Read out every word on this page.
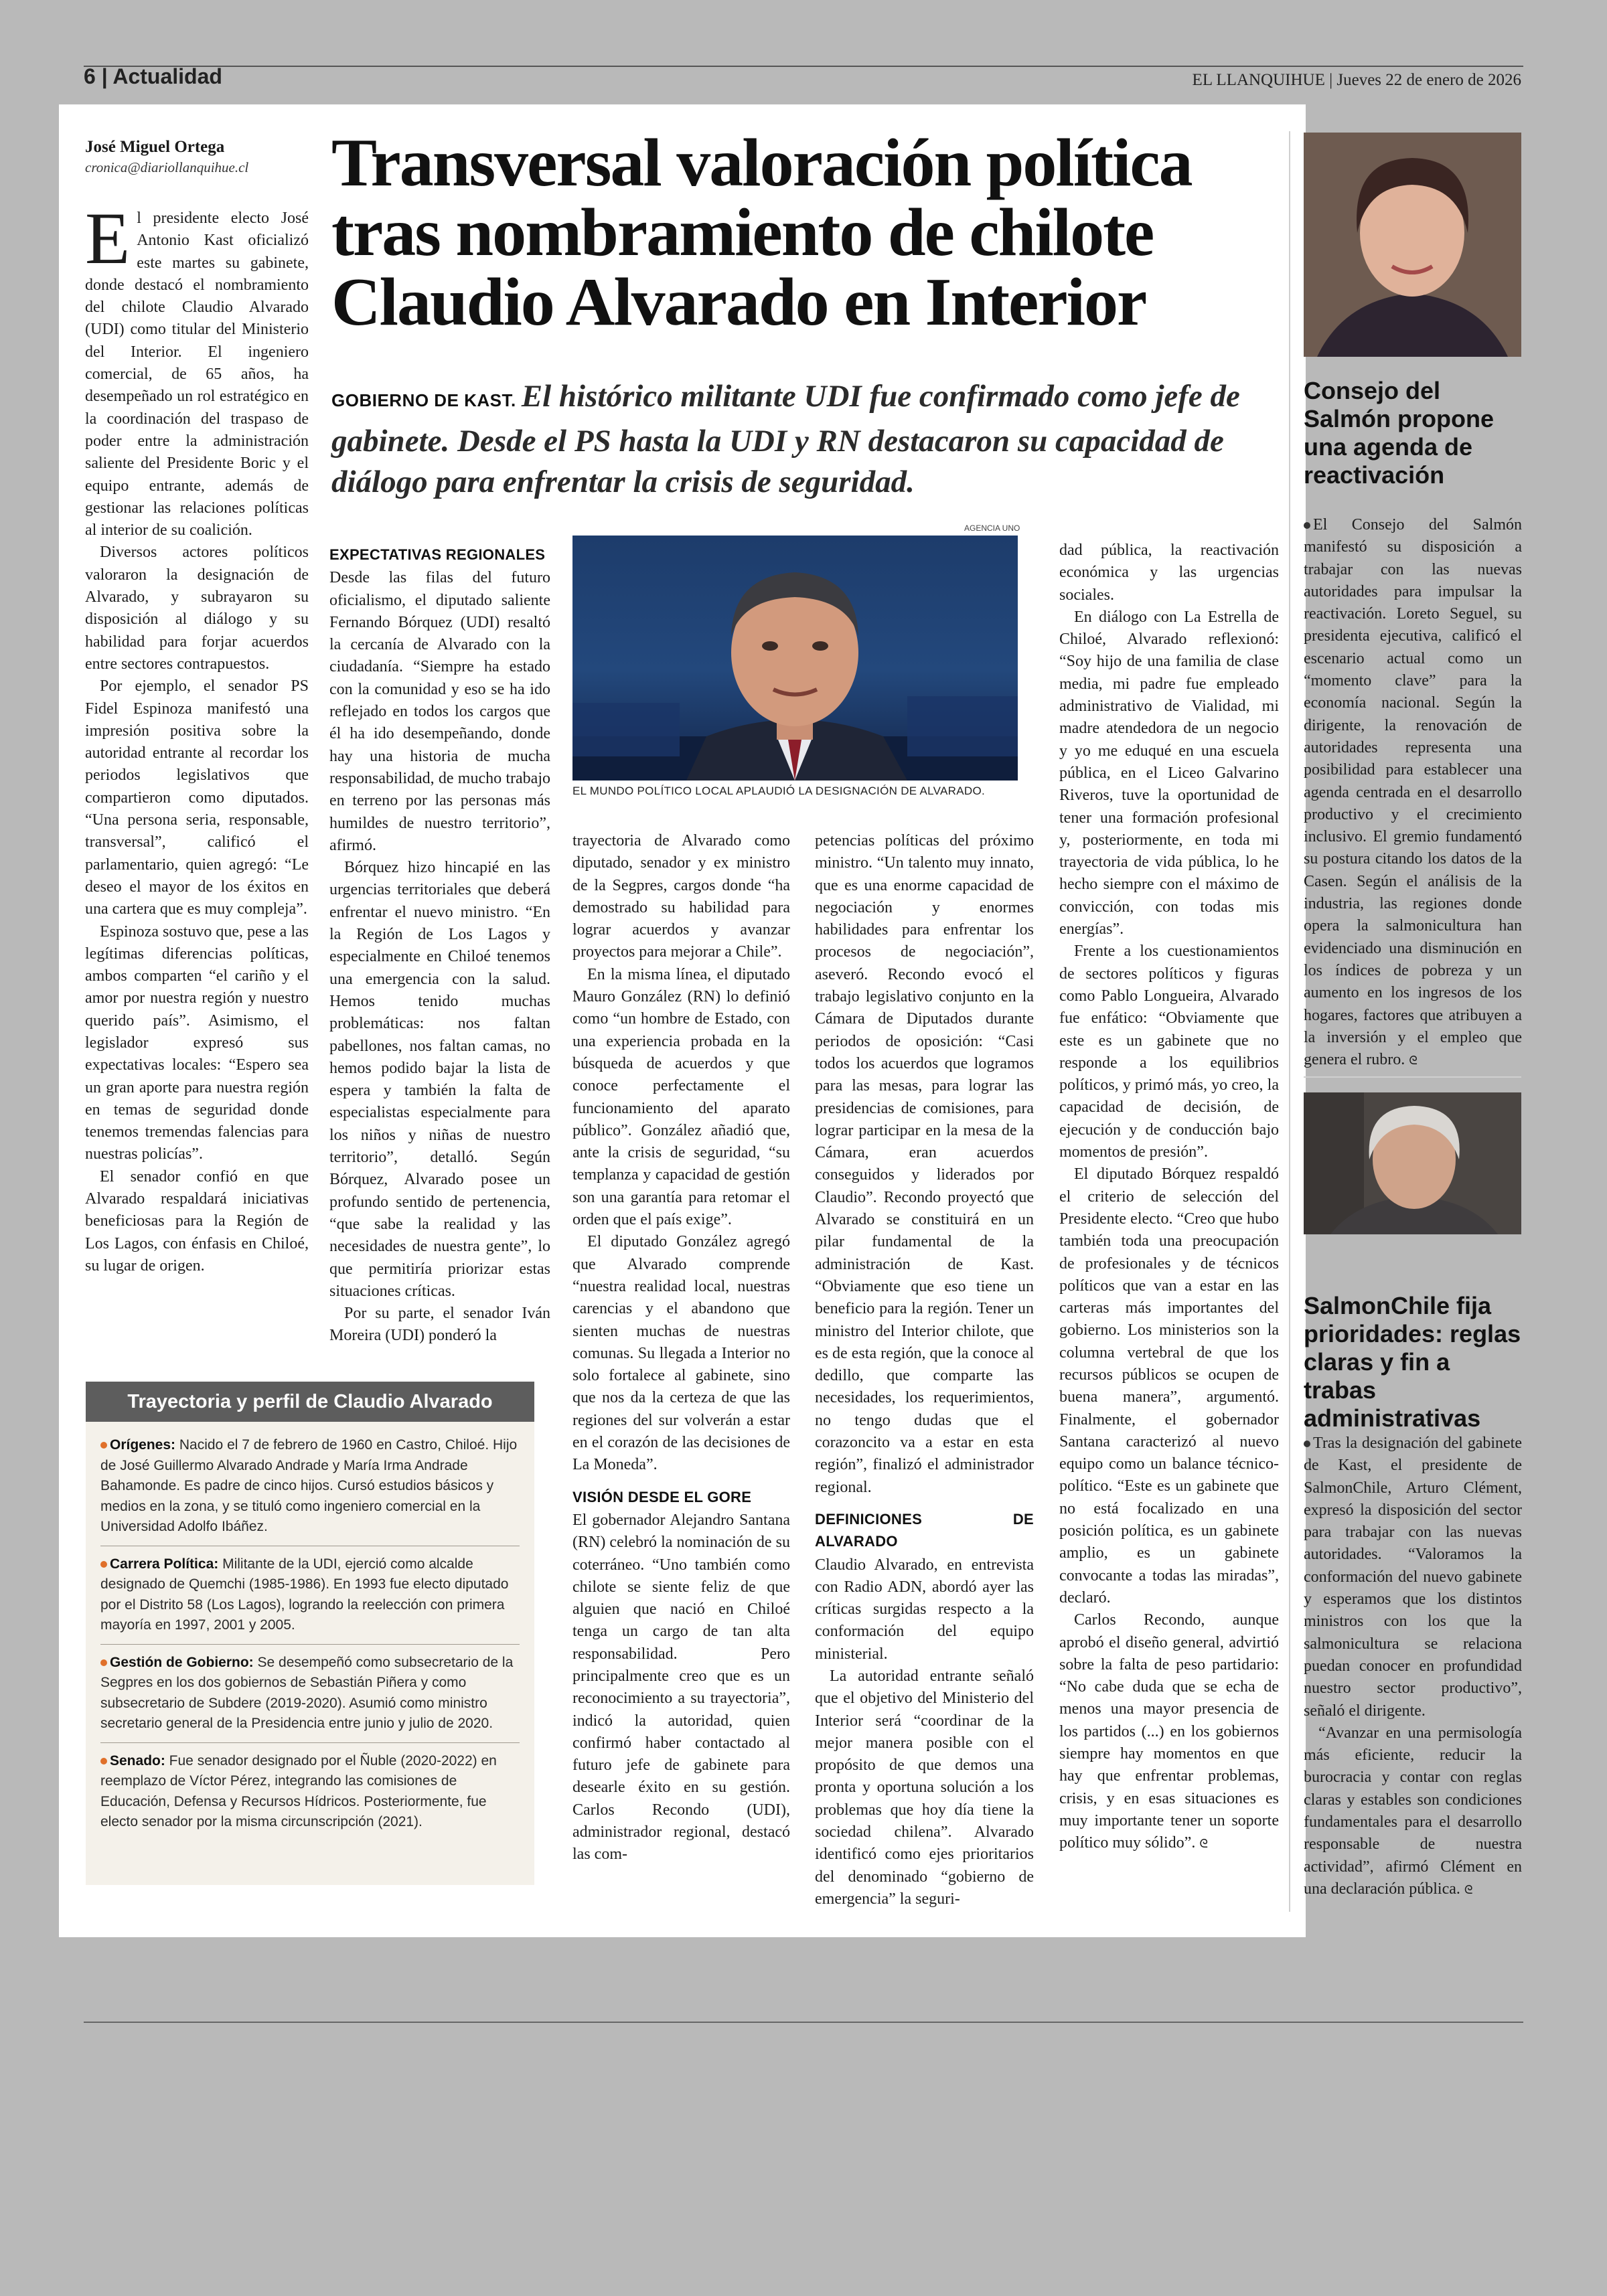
6 | Actualidad	EL LLANQUIHUE | Jueves 22 de enero de 2026
José Miguel Ortega
cronica@diariollanquihue.cl	Transversal valoración política
tras nombramiento de chilote
Claudio Alvarado en Interior
GOBIERNO DE KAST. El histórico militante UDI fue confirmado como jefe de gabinete. Desde el PS hasta la UDI y RN destacaron su capacidad de diálogo para enfrentar la crisis de seguridad.

El presidente electo José Antonio Kast oficializó este martes su gabinete, donde destacó el nombramiento del chilote Claudio Alvarado (UDI) como titular del Ministerio del Interior. El ingeniero comercial, de 65 años, ha desempeñado un rol estratégico en la coordinación del traspaso de poder entre la administración saliente del Presidente Boric y el equipo entrante, además de gestionar las relaciones políticas al interior de su coalición.

Diversos actores políticos valoraron la designación de Alvarado, y subrayaron su disposición al diálogo y su habilidad para forjar acuerdos entre sectores contrapuestos.

Por ejemplo, el senador PS Fidel Espinoza manifestó una impresión positiva sobre la autoridad entrante al recordar los periodos legislativos que compartieron como diputados. “Una persona seria, responsable, transversal”, calificó el parlamentario, quien agregó: “Le deseo el mayor de los éxitos en una cartera que es muy compleja”.

Espinoza sostuvo que, pese a las legítimas diferencias políticas, ambos comparten “el cariño y el amor por nuestra región y nuestro querido país”. Asimismo, el legislador expresó sus expectativas locales: “Espero sea un gran aporte para nuestra región en temas de seguridad donde tenemos tremendas falencias para nuestras policías”.

El senador confió en que Alvarado respaldará iniciativas beneficiosas para la Región de Los Lagos, con énfasis en Chiloé, su lugar de origen.

EXPECTATIVAS REGIONALES

Desde las filas del futuro oficialismo, el diputado saliente Fernando Bórquez (UDI) resaltó la cercanía de Alvarado con la ciudadanía. “Siempre ha estado con la comunidad y eso se ha ido reflejado en todos los cargos que él ha ido desempeñando, donde hay una historia de mucha responsabilidad, de mucho trabajo en terreno por las personas más humildes de nuestro territorio”, afirmó.

Bórquez hizo hincapié en las urgencias territoriales que deberá enfrentar el nuevo ministro. “En la Región de Los Lagos y especialmente en Chiloé tenemos una emergencia con la salud. Hemos tenido muchas problemáticas: nos faltan pabellones, nos faltan camas, no hemos podido bajar la lista de espera y también la falta de especialistas especialmente para los niños y niñas de nuestro territorio”, detalló. Según Bórquez, Alvarado posee un profundo sentido de pertenencia, “que sabe la realidad y las necesidades de nuestra gente”, lo que permitiría priorizar estas situaciones críticas.

Por su parte, el senador Iván Moreira (UDI) ponderó la

AGENCIA UNO
EL MUNDO POLÍTICO LOCAL APLAUDIÓ LA DESIGNACIÓN DE ALVARADO.

trayectoria de Alvarado como diputado, senador y ex ministro de la Segpres, cargos donde “ha demostrado su habilidad para lograr acuerdos y avanzar proyectos para mejorar a Chile”.

En la misma línea, el diputado Mauro González (RN) lo definió como “un hombre de Estado, con una experiencia probada en la búsqueda de acuerdos y que conoce perfectamente el funcionamiento del aparato público”. González añadió que, ante la crisis de seguridad, “su templanza y capacidad de gestión son una garantía para retomar el orden que el país exige”.

El diputado González agregó que Alvarado comprende “nuestra realidad local, nuestras carencias y el abandono que sienten muchas de nuestras comunas. Su llegada a Interior no solo fortalece al gabinete, sino que nos da la certeza de que las regiones del sur volverán a estar en el corazón de las decisiones de La Moneda”.

VISIÓN DESDE EL GORE

El gobernador Alejandro Santana (RN) celebró la nominación de su coterráneo. “Uno también como chilote se siente feliz de que alguien que nació en Chiloé tenga un cargo de tan alta responsabilidad. Pero principalmente creo que es un reconocimiento a su trayectoria”, indicó la autoridad, quien confirmó haber contactado al futuro jefe de gabinete para desearle éxito en su gestión. Carlos Recondo (UDI), administrador regional, destacó las com-

petencias políticas del próximo ministro. “Un talento muy innato, que es una enorme capacidad de negociación y enormes habilidades para enfrentar los procesos de negociación”, aseveró. Recondo evocó el trabajo legislativo conjunto en la Cámara de Diputados durante periodos de oposición: “Casi todos los acuerdos que logramos para las mesas, para lograr las presidencias de comisiones, para lograr participar en la mesa de la Cámara, eran acuerdos conseguidos y liderados por Claudio”. Recondo proyectó que Alvarado se constituirá en un pilar fundamental de la administración de Kast. “Obviamente que eso tiene un beneficio para la región. Tener un ministro del Interior chilote, que es de esta región, que la conoce al dedillo, que comparte las necesidades, los requerimientos, no tengo dudas que el corazoncito va a estar en esta región”, finalizó el administrador regional.

DEFINICIONES DE ALVARADO

Claudio Alvarado, en entrevista con Radio ADN, abordó ayer las críticas surgidas respecto a la conformación del equipo ministerial.

La autoridad entrante señaló que el objetivo del Ministerio del Interior será “coordinar de la mejor manera posible con el propósito de que demos una pronta y oportuna solución a los problemas que hoy día tiene la sociedad chilena”. Alvarado identificó como ejes prioritarios del denominado “gobierno de emergencia” la seguri-

dad pública, la reactivación económica y las urgencias sociales.

En diálogo con La Estrella de Chiloé, Alvarado reflexionó: “Soy hijo de una familia de clase media, mi padre fue empleado administrativo de Vialidad, mi madre atendedora de un negocio y yo me eduqué en una escuela pública, en el Liceo Galvarino Riveros, tuve la oportunidad de tener una formación profesional y, posteriormente, en toda mi trayectoria de vida pública, lo he hecho siempre con el máximo de convicción, con todas mis energías”.

Frente a los cuestionamientos de sectores políticos y figuras como Pablo Longueira, Alvarado fue enfático: “Obviamente que este es un gabinete que no responde a los equilibrios políticos, y primó más, yo creo, la capacidad de decisión, de ejecución y de conducción bajo momentos de presión”.

El diputado Bórquez respaldó el criterio de selección del Presidente electo. “Creo que hubo también toda una preocupación de profesionales y de técnicos políticos que van a estar en las carteras más importantes del gobierno. Los ministerios son la columna vertebral de que los recursos públicos se ocupen de buena manera”, argumentó. Finalmente, el gobernador Santana caracterizó al nuevo equipo como un balance técnico-político. “Este es un gabinete que no está focalizado en una posición política, es un gabinete amplio, es un gabinete convocante a todas las miradas”, declaró.

Carlos Recondo, aunque aprobó el diseño general, advirtió sobre la falta de peso partidario: “No cabe duda que se echa de menos una mayor presencia de los partidos (...) en los gobiernos siempre hay momentos en que hay que enfrentar problemas, crisis, y en esas situaciones es muy importante tener un soporte político muy sólido”. ᘓ

Trayectoria y perfil de Claudio Alvarado
Orígenes: Nacido el 7 de febrero de 1960 en Castro, Chiloé. Hijo de José Guillermo Alvarado Andrade y María Irma Andrade Bahamonde. Es padre de cinco hijos. Cursó estudios básicos y medios en la zona, y se tituló como ingeniero comercial en la Universidad Adolfo Ibáñez.
Carrera Política: Militante de la UDI, ejerció como alcalde designado de Quemchi (1985-1986). En 1993 fue electo diputado por el Distrito 58 (Los Lagos), logrando la reelección con primera mayoría en 1997, 2001 y 2005.
Gestión de Gobierno: Se desempeñó como subsecretario de la Segpres en los dos gobiernos de Sebastián Piñera y como subsecretario de Subdere (2019-2020). Asumió como ministro secretario general de la Presidencia entre junio y julio de 2020.
Senado: Fue senador designado por el Ñuble (2020-2022) en reemplazo de Víctor Pérez, integrando las comisiones de Educación, Defensa y Recursos Hídricos. Posteriormente, fue electo senador por la misma circunscripción (2021).
Consejo del Salmón propone una agenda de reactivación

El Consejo del Salmón manifestó su disposición a trabajar con las nuevas autoridades para impulsar la reactivación. Loreto Seguel, su presidenta ejecutiva, calificó el escenario actual como un “momento clave” para la economía nacional. Según la dirigente, la renovación de autoridades representa una posibilidad para establecer una agenda centrada en el desarrollo productivo y el crecimiento inclusivo. El gremio fundamentó su postura citando los datos de la Casen. Según el análisis de la industria, las regiones donde opera la salmonicultura han evidenciado una disminución en los índices de pobreza y un aumento en los ingresos de los hogares, factores que atribuyen a la inversión y el empleo que genera el rubro. ᘓ

SalmonChile fija prioridades: reglas claras y fin a trabas administrativas

Tras la designación del gabinete de Kast, el presidente de SalmonChile, Arturo Clément, expresó la disposición del sector para trabajar con las nuevas autoridades. “Valoramos la conformación del nuevo gabinete y esperamos que los distintos ministros con los que la salmonicultura se relaciona puedan conocer en profundidad nuestro sector productivo”, señaló el dirigente.

“Avanzar en una permisología más eficiente, reducir la burocracia y contar con reglas claras y estables son condiciones fundamentales para el desarrollo responsable de nuestra actividad”, afirmó Clément en una declaración pública. ᘓ
